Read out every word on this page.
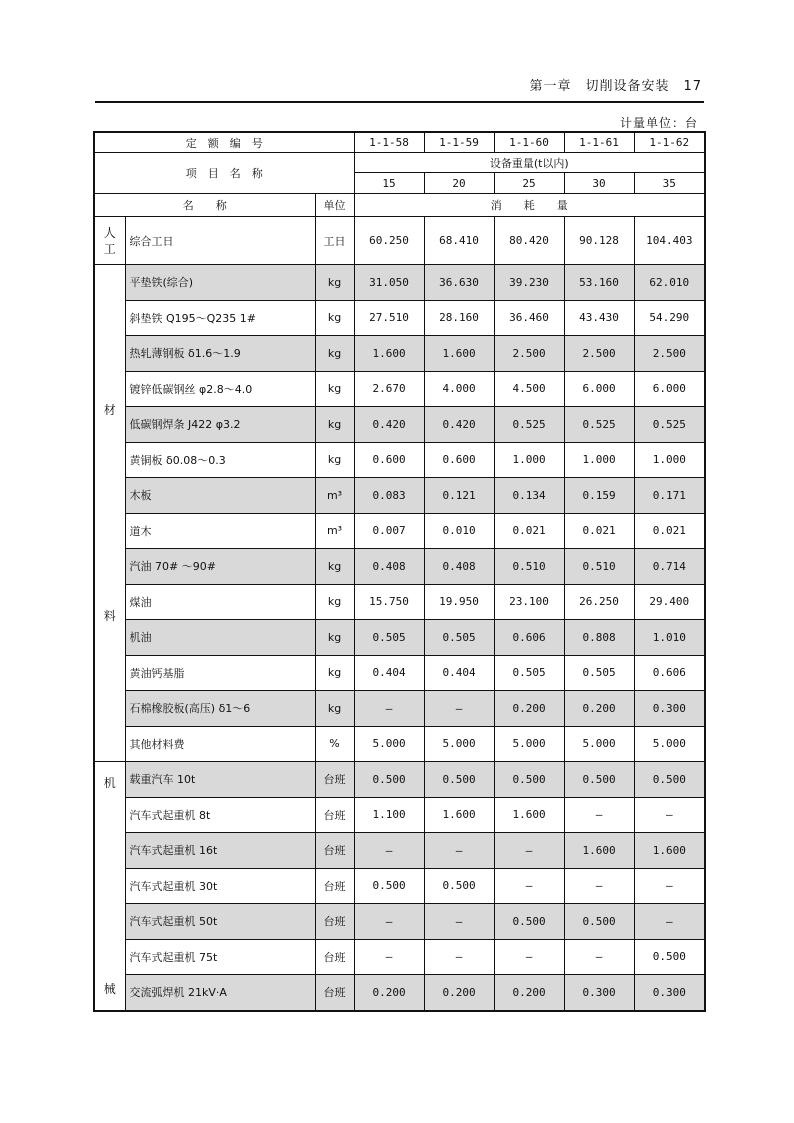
第一章　切削设备安装　17
计量单位：台
定　额　编　号			1-1-58	1-1-59	1-1-60	1-1-61	1-1-62
项　目　名　称			设备重量(t以内)				
			15	20	25	30	35
名　　称		单位	消　　耗　　量				

人
工	综合工日	工日	60.250	68.410	80.420	90.128	104.403

材
料	平垫铁(综合)	kg	31.050	36.630	39.230	53.160	62.010
	斜垫铁 Q195～Q235 1#	kg	27.510	28.160	36.460	43.430	54.290
	热轧薄钢板 δ1.6～1.9	kg	1.600	1.600	2.500	2.500	2.500
	镀锌低碳钢丝 φ2.8～4.0	kg	2.670	4.000	4.500	6.000	6.000
	低碳钢焊条 J422 φ3.2	kg	0.420	0.420	0.525	0.525	0.525
	黄铜板 δ0.08～0.3	kg	0.600	0.600	1.000	1.000	1.000
	木板	m³	0.083	0.121	0.134	0.159	0.171
	道木	m³	0.007	0.010	0.021	0.021	0.021
	汽油 70# ～90#	kg	0.408	0.408	0.510	0.510	0.714
	煤油	kg	15.750	19.950	23.100	26.250	29.400
	机油	kg	0.505	0.505	0.606	0.808	1.010
	黄油钙基脂	kg	0.404	0.404	0.505	0.505	0.606
	石棉橡胶板(高压) δ1～6	kg	—	—	0.200	0.200	0.300
	其他材料费	%	5.000	5.000	5.000	5.000	5.000

机
械	载重汽车 10t	台班	0.500	0.500	0.500	0.500	0.500
	汽车式起重机 8t	台班	1.100	1.600	1.600	—	—
	汽车式起重机 16t	台班	—	—	—	1.600	1.600
	汽车式起重机 30t	台班	0.500	0.500	—	—	—
	汽车式起重机 50t	台班	—	—	0.500	0.500	—
	汽车式起重机 75t	台班	—	—	—	—	0.500
	交流弧焊机 21kV·A	台班	0.200	0.200	0.200	0.300	0.300
